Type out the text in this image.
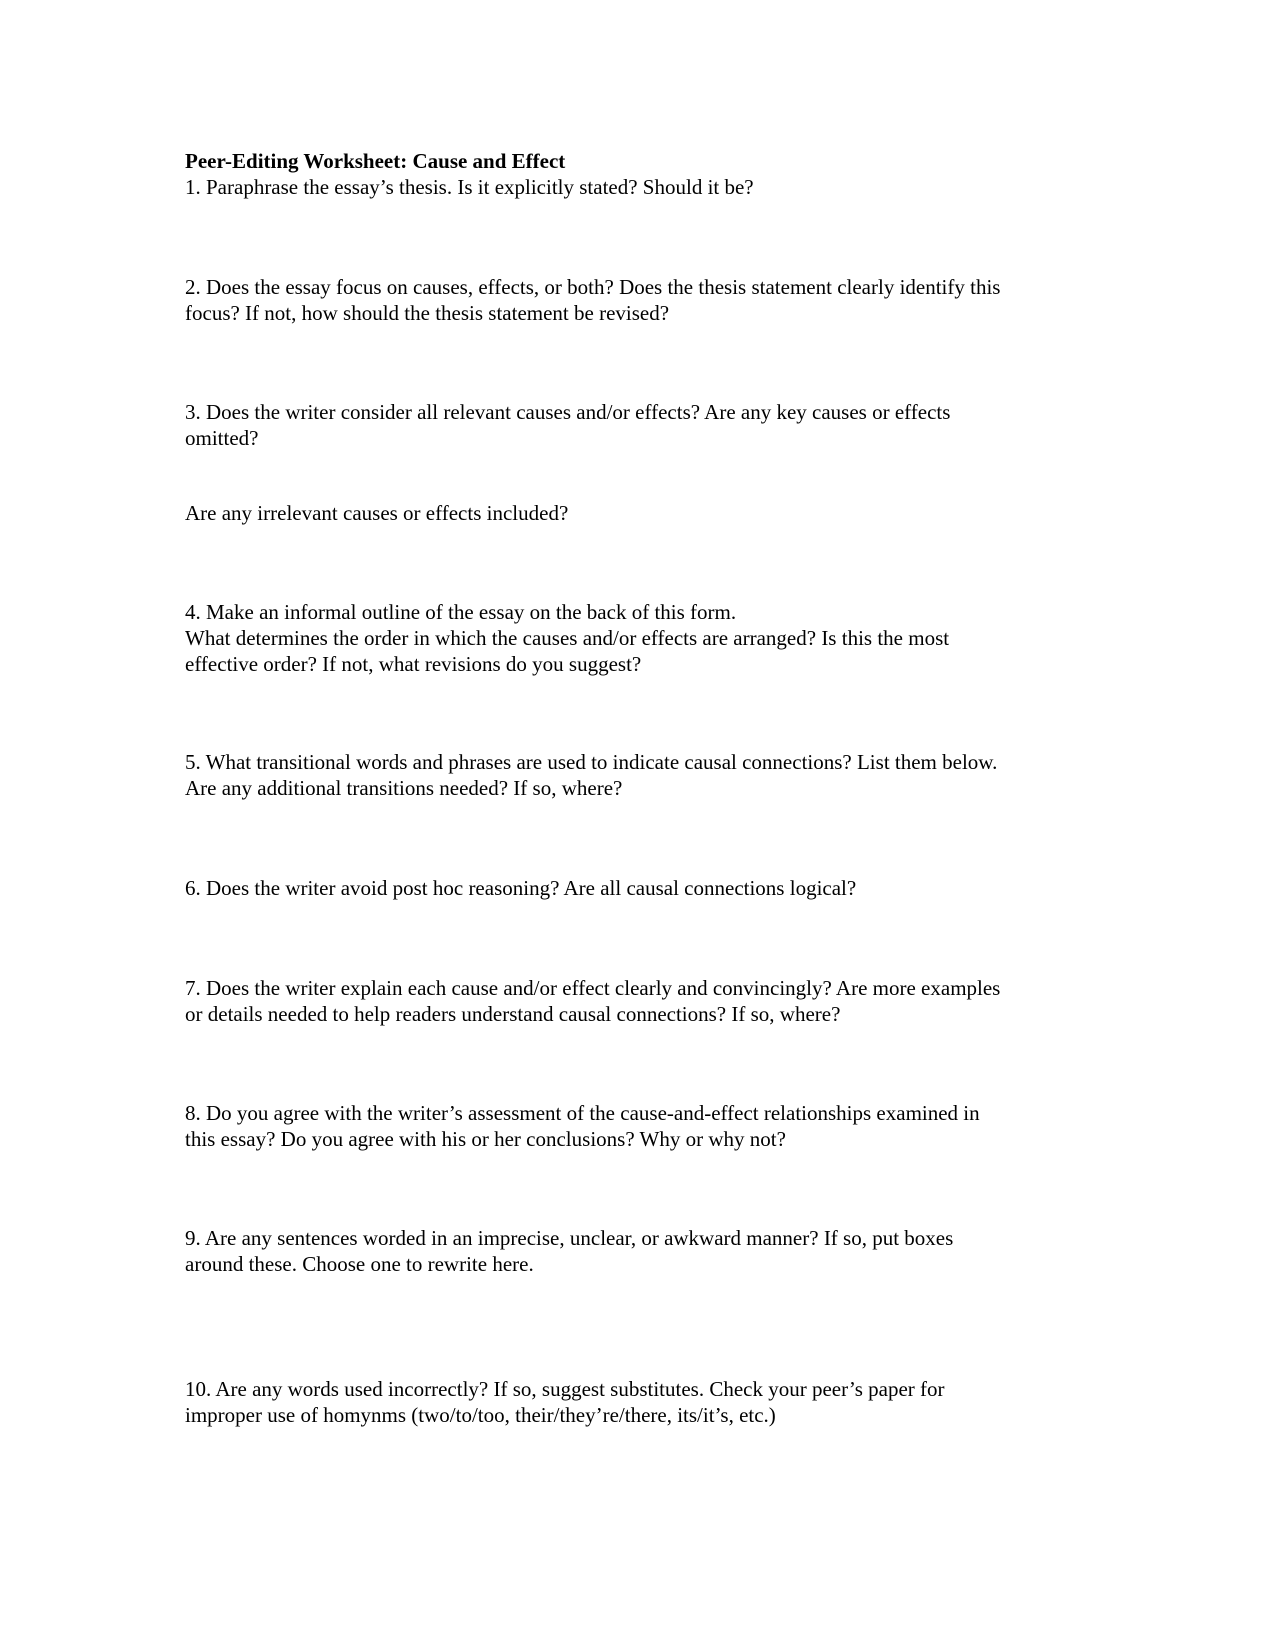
Peer-Editing Worksheet: Cause and Effect
1. Paraphrase the essay’s thesis. Is it explicitly stated? Should it be?
2. Does the essay focus on causes, effects, or both? Does the thesis statement clearly identify this
focus? If not, how should the thesis statement be revised?
3. Does the writer consider all relevant causes and/or effects? Are any key causes or effects
omitted?
Are any irrelevant causes or effects included?
4. Make an informal outline of the essay on the back of this form.
What determines the order in which the causes and/or effects are arranged? Is this the most
effective order? If not, what revisions do you suggest?
5. What transitional words and phrases are used to indicate causal connections? List them below.
Are any additional transitions needed? If so, where?
6. Does the writer avoid post hoc reasoning? Are all causal connections logical?
7. Does the writer explain each cause and/or effect clearly and convincingly? Are more examples
or details needed to help readers understand causal connections? If so, where?
8. Do you agree with the writer’s assessment of the cause-and-effect relationships examined in
this essay? Do you agree with his or her conclusions? Why or why not?
9. Are any sentences worded in an imprecise, unclear, or awkward manner? If so, put boxes
around these. Choose one to rewrite here.
10. Are any words used incorrectly? If so, suggest substitutes. Check your peer’s paper for
improper use of homynms (two/to/too, their/they’re/there, its/it’s, etc.)
